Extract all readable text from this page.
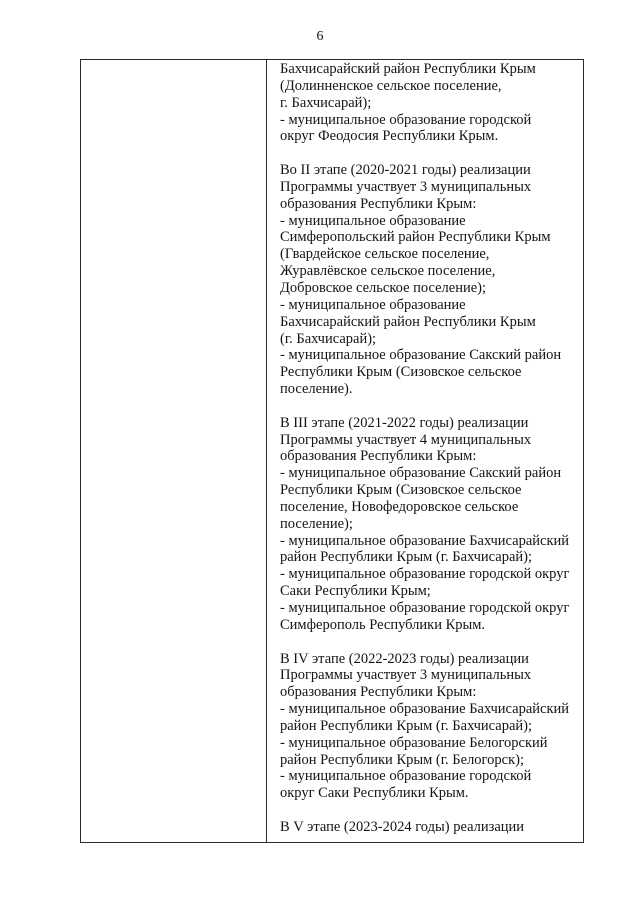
6
Бахчисарайский район Республики Крым
(Долинненское сельское поселение,
г. Бахчисарай);
- муниципальное образование городской
округ Феодосия Республики Крым.
Во II этапе (2020-2021 годы) реализации
Программы участвует 3 муниципальных
образования Республики Крым:
- муниципальное образование
Симферопольский район Республики Крым
(Гвардейское сельское поселение,
Журавлёвское сельское поселение,
Добровское сельское поселение);
- муниципальное образование
Бахчисарайский район Республики Крым
(г. Бахчисарай);
- муниципальное образование Сакский район
Республики Крым (Сизовское сельское
поселение).
В III этапе (2021-2022 годы) реализации
Программы участвует 4 муниципальных
образования Республики Крым:
- муниципальное образование Сакский район
Республики Крым (Сизовское сельское
поселение, Новофедоровское сельское
поселение);
- муниципальное образование Бахчисарайский
район Республики Крым (г. Бахчисарай);
- муниципальное образование городской округ
Саки Республики Крым;
- муниципальное образование городской округ
Симферополь Республики Крым.
В IV этапе (2022-2023 годы) реализации
Программы участвует 3 муниципальных
образования Республики Крым:
- муниципальное образование Бахчисарайский
район Республики Крым (г. Бахчисарай);
- муниципальное образование Белогорский
район Республики Крым (г. Белогорск);
- муниципальное образование городской
округ Саки Республики Крым.
В V этапе (2023-2024 годы) реализации
